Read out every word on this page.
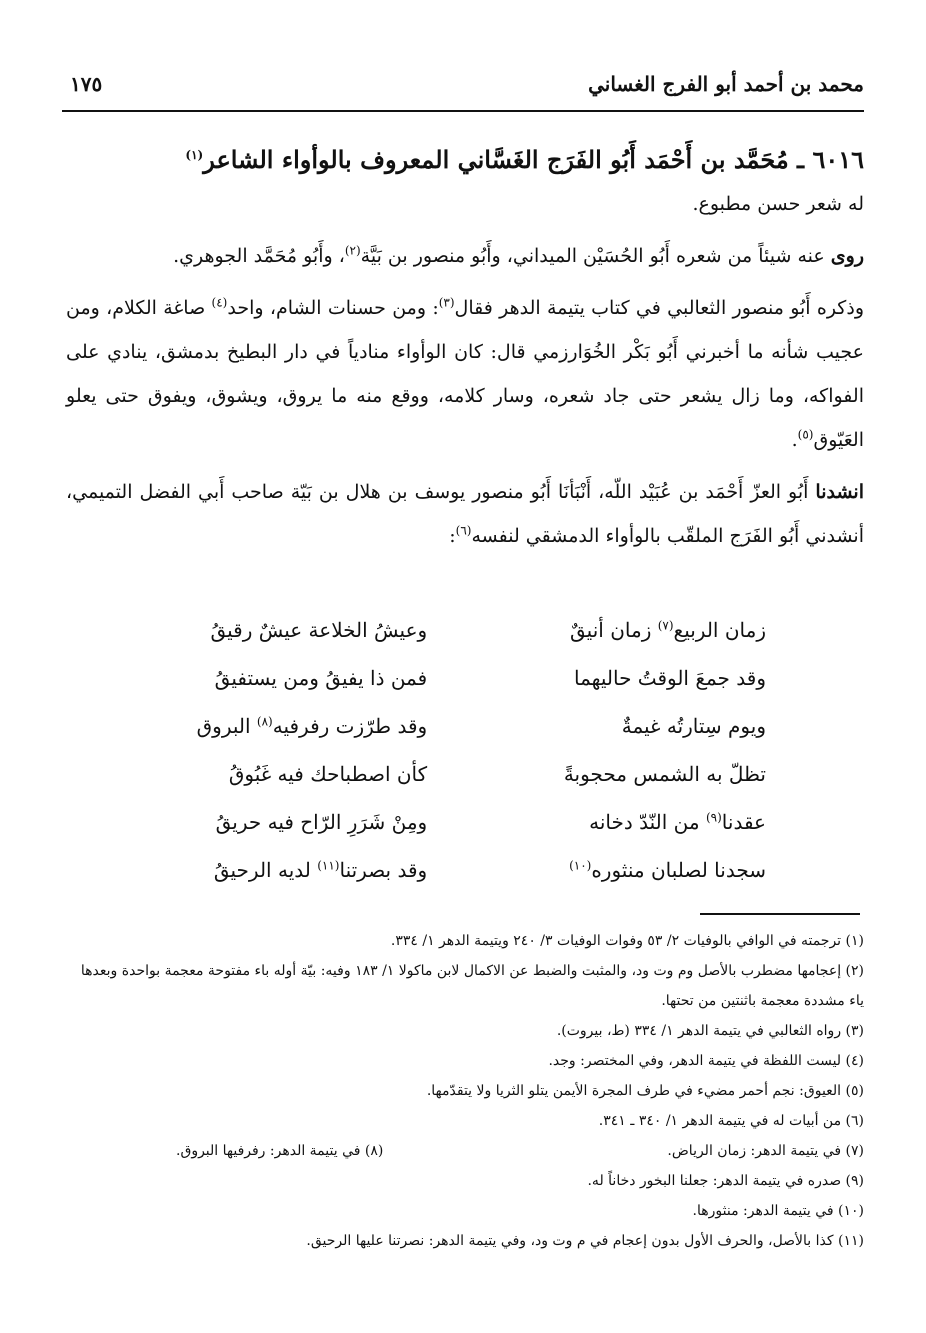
محمد بن أحمد أبو الفرج الغساني
١٧٥

٦٠١٦ ـ مُحَمَّد بن أَحْمَد أَبُو الفَرَج الغَسَّاني المعروف بالوأواء الشاعر$^{(١)}$

له شعر حسن مطبوع.

روى عنه شيئاً من شعره أَبُو الحُسَيْن الميداني، وأَبُو منصور بن بَيَّة$^{(٢)}$، وأَبُو مُحَمَّد الجوهري.

وذكره أَبُو منصور الثعالبي في كتاب يتيمة الدهر فقال$^{(٣)}$: ومن حسنات الشام، واحد$^{(٤)}$ صاغة الكلام، ومن عجيب شأنه ما أخبرني أَبُو بَكْر الخُوَارزمي قال: كان الوأواء منادياً في دار البطيخ بدمشق، ينادي على الفواكه، وما زال يشعر حتى جاد شعره، وسار كلامه، ووقع منه ما يروق، ويشوق، ويفوق حتى يعلو العَيّوق$^{(٥)}$.

انشدنا أَبُو العزّ أَحْمَد بن عُبَيْد اللّه، أَنْبَأنَا أَبُو منصور يوسف بن هلال بن بَيّة صاحب أَبي الفضل التميمي، أنشدني أَبُو الفَرَج الملقّب بالوأواء الدمشقي لنفسه$^{(٦)}$:

زمان الربيع$^{(٧)}$ زمان أنيقٌ
وعيشُ الخلاعة عيشٌ رقيقُ
وقد جمعَ الوقتُ حاليهما
فمن ذا يفيقُ ومن يستفيقُ
ويوم سِتارتُه غيمةٌ
وقد طرّزت رفرفيه$^{(٨)}$ البروق
تظلّ به الشمس محجوبةً
كأن اصطباحك فيه غَبُوقُ
عقدنا$^{(٩)}$ من النّدّ دخانه
ومِنْ شَرَرِ الرّاح فيه حريقُ
سجدنا لصلبان منثوره$^{(١٠)}$
وقد بصرتنا$^{(١١)}$ لديه الرحيقُ

(١) ترجمته في الوافي بالوفيات ٢/ ٥٣ وفوات الوفيات ٣/ ٢٤٠ ويتيمة الدهر ١/ ٣٣٤.

(٢) إعجامها مضطرب بالأصل وم وت ود، والمثبت والضبط عن الاكمال لابن ماكولا ١/ ١٨٣ وفيه: بيّة أوله باء مفتوحة معجمة بواحدة وبعدها ياء مشددة معجمة باثنتين من تحتها.

(٣) رواه الثعالبي في يتيمة الدهر ١/ ٣٣٤ (ط، بيروت).

(٤) ليست اللفظة في يتيمة الدهر، وفي المختصر: وجد.

(٥) العيوق: نجم أحمر مضيء في طرف المجرة الأيمن يتلو الثريا ولا يتقدّمها.

(٦) من أبيات له في يتيمة الدهر ١/ ٣٤٠ ـ ٣٤١.

(٧) في يتيمة الدهر: زمان الرياض.
(٨) في يتيمة الدهر: رفرفيها البروق.

(٩) صدره في يتيمة الدهر: جعلنا البخور دخاناً له.

(١٠) في يتيمة الدهر: منثورها.

(١١) كذا بالأصل، والحرف الأول بدون إعجام في م وت ود، وفي يتيمة الدهر: نصرتنا عليها الرحيق.
